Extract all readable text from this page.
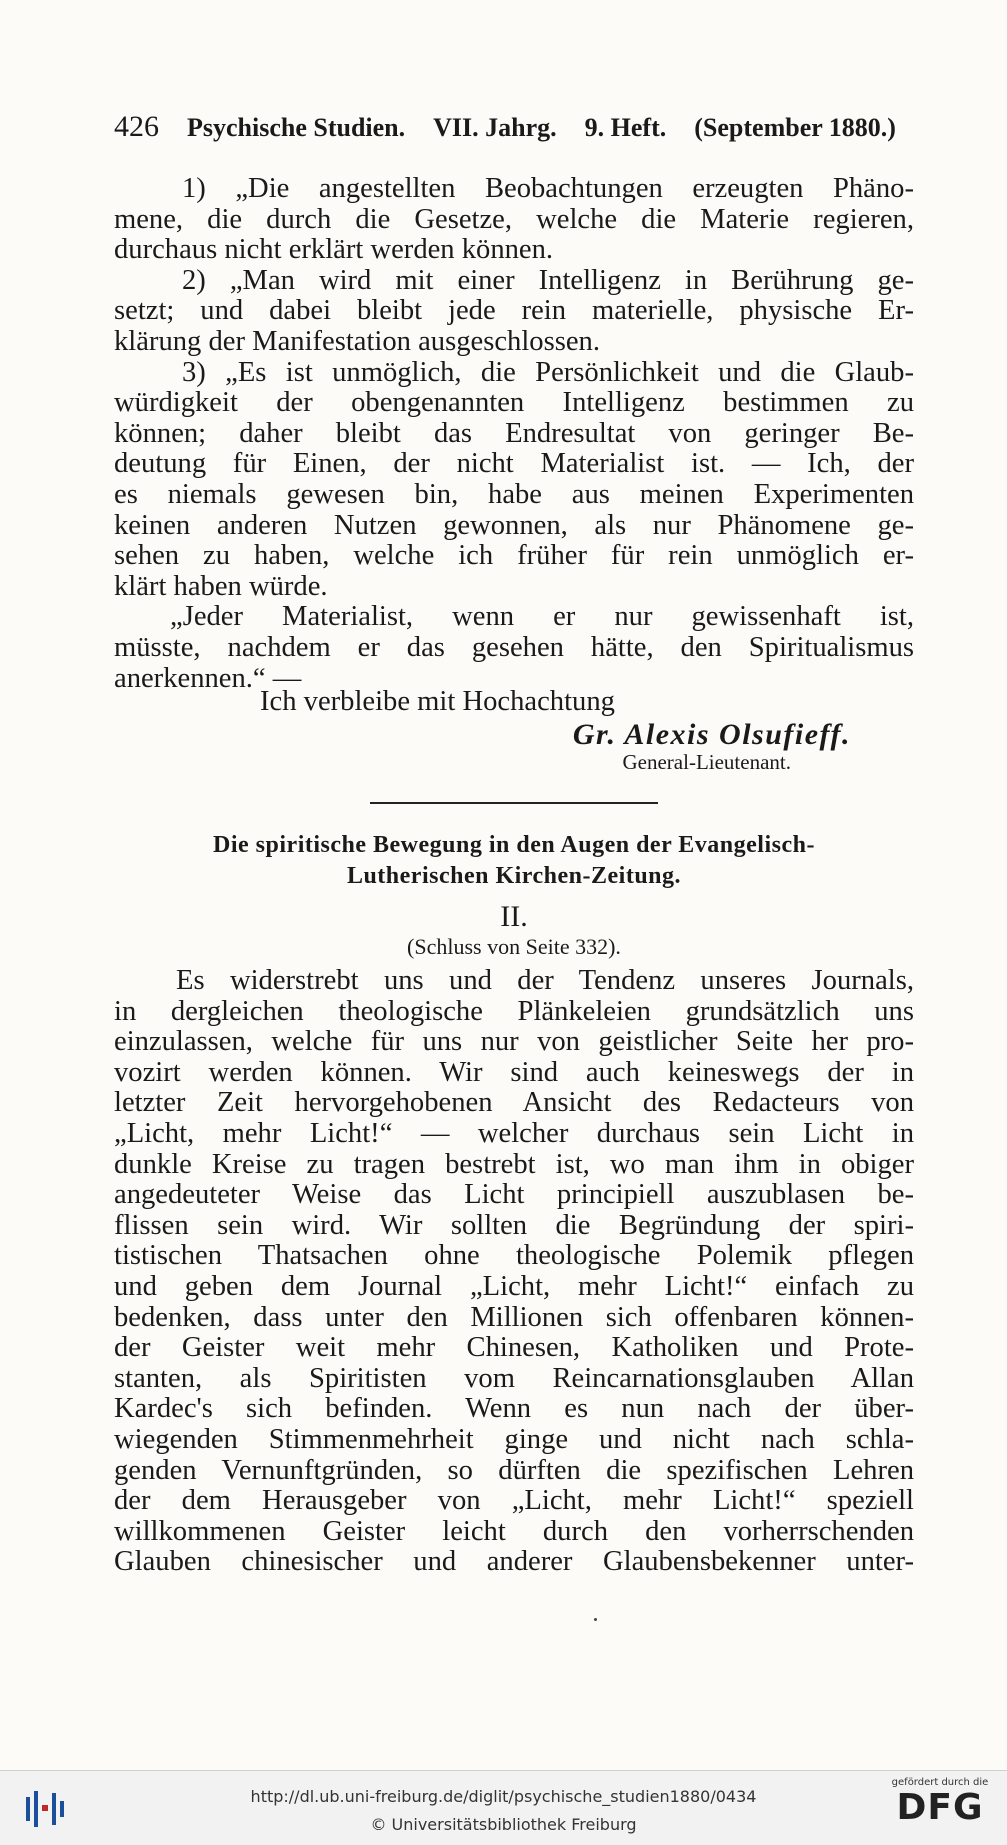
426 Psychische Studien. VII. Jahrg. 9. Heft. (September 1880.)
1) „Die angestellten Beobachtungen erzeugten Phäno-
mene, die durch die Gesetze, welche die Materie regieren,
durchaus nicht erklärt werden können.
2) „Man wird mit einer Intelligenz in Berührung ge-
setzt; und dabei bleibt jede rein materielle, physische Er-
klärung der Manifestation ausgeschlossen.
3) „Es ist unmöglich, die Persönlichkeit und die Glaub-
würdigkeit der obengenannten Intelligenz bestimmen zu
können; daher bleibt das Endresultat von geringer Be-
deutung für Einen, der nicht Materialist ist. — Ich, der
es niemals gewesen bin, habe aus meinen Experimenten
keinen anderen Nutzen gewonnen, als nur Phänomene ge-
sehen zu haben, welche ich früher für rein unmöglich er-
klärt haben würde.
„Jeder Materialist, wenn er nur gewissenhaft ist,
müsste, nachdem er das gesehen hätte, den Spiritualismus
anerkennen.“ —
Ich verbleibe mit Hochachtung
Gr. Alexis Olsufieff.
General-Lieutenant.
Die spiritische Bewegung in den Augen der Evangelisch-
Lutherischen Kirchen-Zeitung.
II.
(Schluss von Seite 332).
Es widerstrebt uns und der Tendenz unseres Journals,
in dergleichen theologische Plänkeleien grundsätzlich uns
einzulassen, welche für uns nur von geistlicher Seite her pro-
vozirt werden können. Wir sind auch keineswegs der in
letzter Zeit hervorgehobenen Ansicht des Redacteurs von
„Licht, mehr Licht!“ — welcher durchaus sein Licht in
dunkle Kreise zu tragen bestrebt ist, wo man ihm in obiger
angedeuteter Weise das Licht principiell auszublasen be-
flissen sein wird. Wir sollten die Begründung der spiri-
tistischen Thatsachen ohne theologische Polemik pflegen
und geben dem Journal „Licht, mehr Licht!“ einfach zu
bedenken, dass unter den Millionen sich offenbaren können-
der Geister weit mehr Chinesen, Katholiken und Prote-
stanten, als Spiritisten vom Reincarnationsglauben Allan
Kardec's sich befinden. Wenn es nun nach der über-
wiegenden Stimmenmehrheit ginge und nicht nach schla-
genden Vernunftgründen, so dürften die spezifischen Lehren
der dem Herausgeber von „Licht, mehr Licht!“ speziell
willkommenen Geister leicht durch den vorherrschenden
Glauben chinesischer und anderer Glaubensbekenner unter-
http://dl.ub.uni-freiburg.de/diglit/psychische_studien1880/0434
© Universitätsbibliothek Freiburg
gefördert durch die
DFG
